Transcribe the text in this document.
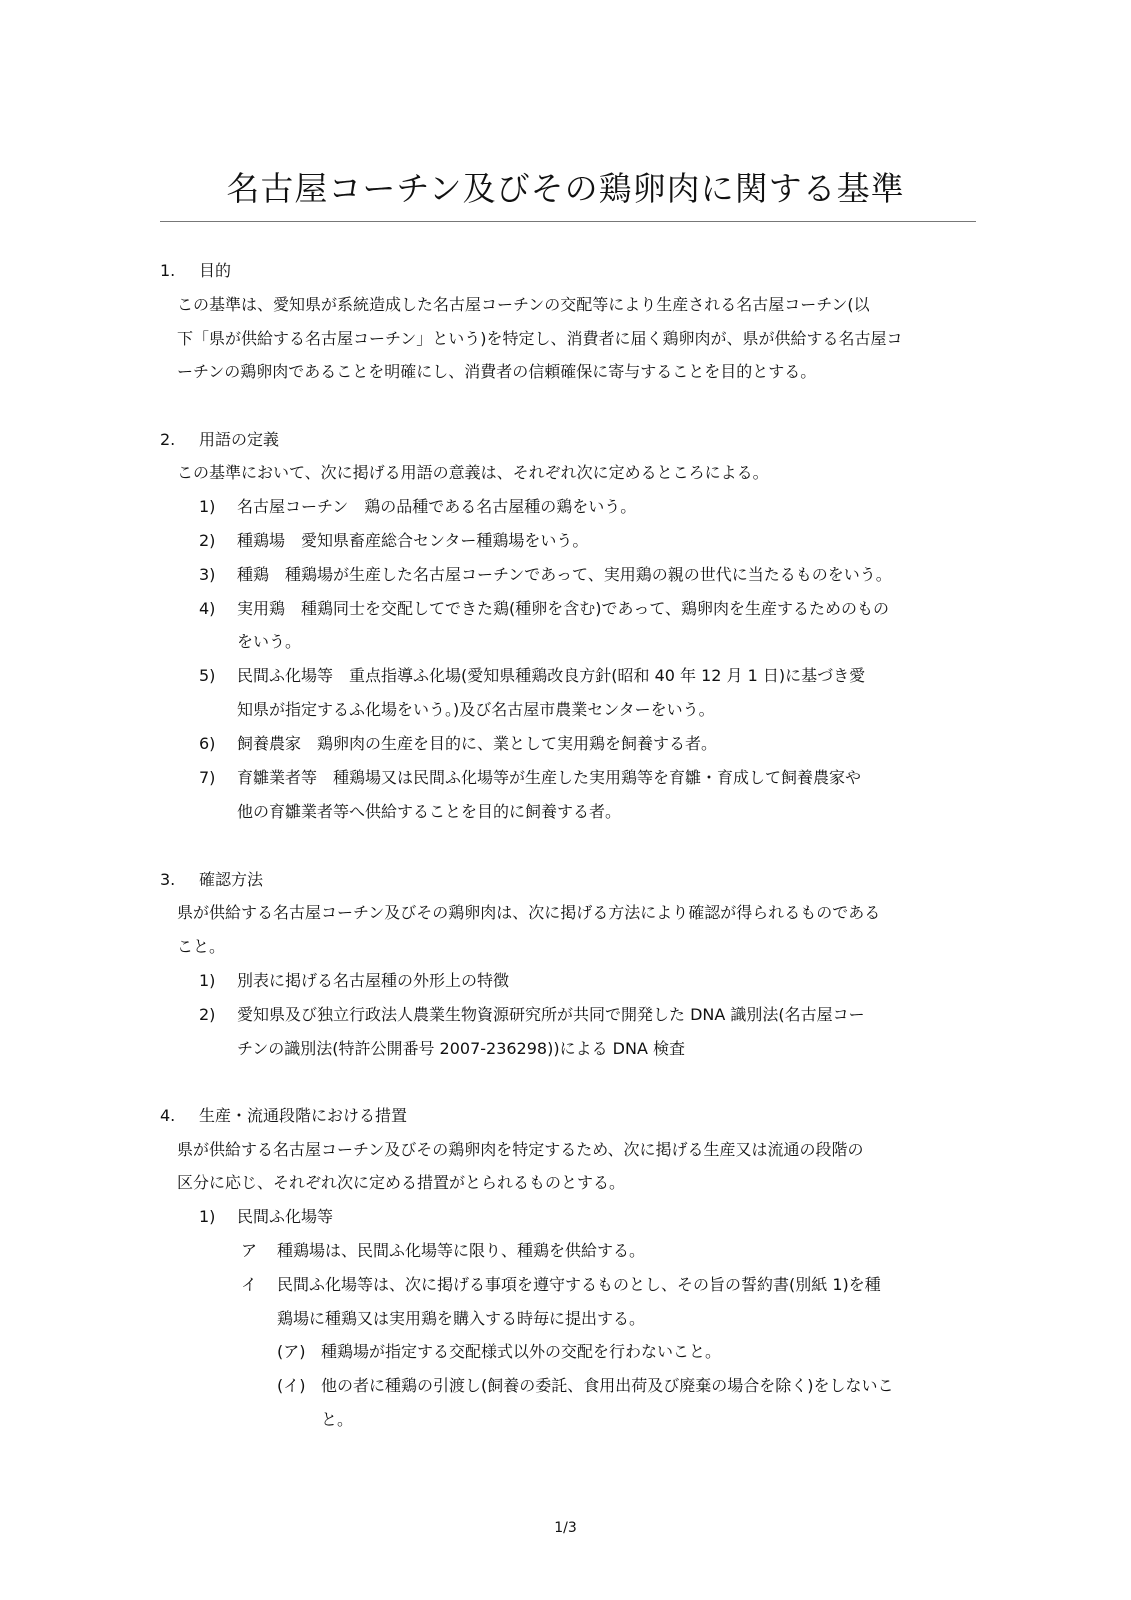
名古屋コーチン及びその鶏卵肉に関する基準
1. 目的
この基準は、愛知県が系統造成した名古屋コーチンの交配等により生産される名古屋コーチン(以
下「県が供給する名古屋コーチン」という)を特定し、消費者に届く鶏卵肉が、県が供給する名古屋コ
ーチンの鶏卵肉であることを明確にし、消費者の信頼確保に寄与することを目的とする。
2. 用語の定義
この基準において、次に掲げる用語の意義は、それぞれ次に定めるところによる。
1) 名古屋コーチン　鶏の品種である名古屋種の鶏をいう。
2) 種鶏場　愛知県畜産総合センター種鶏場をいう。
3) 種鶏　種鶏場が生産した名古屋コーチンであって、実用鶏の親の世代に当たるものをいう。
4) 実用鶏　種鶏同士を交配してできた鶏(種卵を含む)であって、鶏卵肉を生産するためのもの
をいう。
5) 民間ふ化場等　重点指導ふ化場(愛知県種鶏改良方針(昭和 40 年 12 月 1 日)に基づき愛
知県が指定するふ化場をいう。)及び名古屋市農業センターをいう。
6) 飼養農家　鶏卵肉の生産を目的に、業として実用鶏を飼養する者。
7) 育雛業者等　種鶏場又は民間ふ化場等が生産した実用鶏等を育雛・育成して飼養農家や
他の育雛業者等へ供給することを目的に飼養する者。
3. 確認方法
県が供給する名古屋コーチン及びその鶏卵肉は、次に掲げる方法により確認が得られるものである
こと。
1) 別表に掲げる名古屋種の外形上の特徴
2) 愛知県及び独立行政法人農業生物資源研究所が共同で開発した DNA 識別法(名古屋コー
チンの識別法(特許公開番号 2007-236298))による DNA 検査
4. 生産・流通段階における措置
県が供給する名古屋コーチン及びその鶏卵肉を特定するため、次に掲げる生産又は流通の段階の
区分に応じ、それぞれ次に定める措置がとられるものとする。
1) 民間ふ化場等
ア 種鶏場は、民間ふ化場等に限り、種鶏を供給する。
イ 民間ふ化場等は、次に掲げる事項を遵守するものとし、その旨の誓約書(別紙 1)を種
鶏場に種鶏又は実用鶏を購入する時毎に提出する。
(ア) 種鶏場が指定する交配様式以外の交配を行わないこと。
(イ) 他の者に種鶏の引渡し(飼養の委託、食用出荷及び廃棄の場合を除く)をしないこ
と。
1/3
